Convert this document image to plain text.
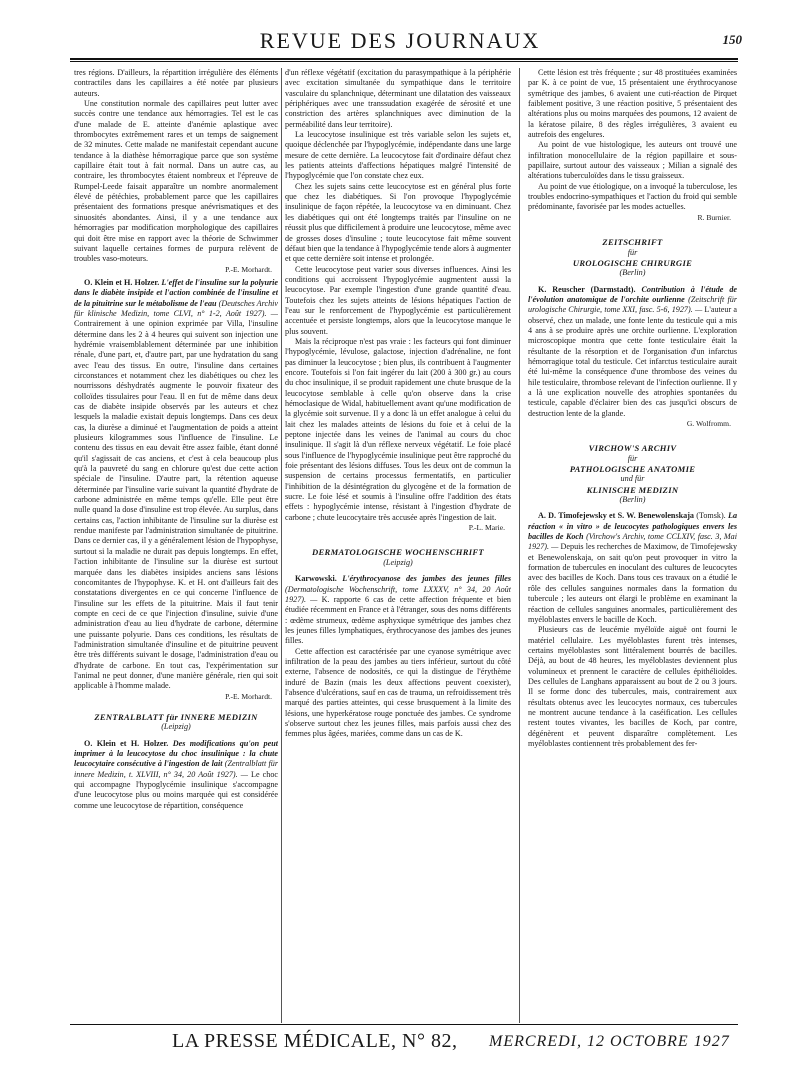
REVUE DES JOURNAUX	150

tres régions. D'ailleurs, la répartition irrégulière des éléments contractiles dans les capillaires a été notée par plusieurs auteurs.

Une constitution normale des capillaires peut lutter avec succès contre une tendance aux hémorragies. Tel est le cas d'une malade de E. atteinte d'anémie aplastique avec thrombocytes extrêmement rares et un temps de saignement de 32 minutes. Cette malade ne manifestait cependant aucune tendance à la diathèse hémorragique parce que son système capillaire était tout à fait normal. Dans un autre cas, au contraire, les thrombocytes étaient nombreux et l'épreuve de Rumpel-Leede faisait apparaître un nombre anormalement élevé de pétéchies, probablement parce que les capillaires présentaient des formations presque anévrismatiques et des sinuosités abondantes. Ainsi, il y a une tendance aux hémorragies par modification morphologique des capillaires qui doit être mise en rapport avec la théorie de Schwimmer suivant laquelle certaines formes de purpura relèvent de troubles vaso-moteurs.

P.-E. Morhardt.

O. Klein et H. Holzer. L'effet de l'insuline sur la polyurie dans le diabète insipide et l'action combinée de l'insuline et de la pituitrine sur le métabolisme de l'eau (Deutsches Archiv für klinische Medizin, tome CLVI, n° 1-2, Août 1927). — Contrairement à une opinion exprimée par Villa, l'insuline détermine dans les 2 à 4 heures qui suivent son injection une hydrémie vraisemblablement déterminée par une inhibition rénale, d'une part, et, d'autre part, par une hydratation du sang avec l'eau des tissus. En outre, l'insuline dans certaines circonstances et notamment chez les diabétiques ou chez les nourrissons déshydratés augmente le pouvoir fixateur des colloïdes tissulaires pour l'eau. Il en fut de même dans deux cas de diabète insipide observés par les auteurs et chez lesquels la maladie existait depuis longtemps. Dans ces deux cas, la diurèse a diminué et l'augmentation de poids a atteint plusieurs kilogrammes sous l'influence de l'insuline. Le contenu des tissus en eau devait être assez faible, étant donné qu'il s'agissait de cas anciens, et c'est à cela beaucoup plus qu'à la pauvreté du sang en chlorure qu'est due cette action spéciale de l'insuline. D'autre part, la rétention aqueuse déterminée par l'insuline varie suivant la quantité d'hydrate de carbone administrée en même temps qu'elle. Elle peut être nulle quand la dose d'insuline est trop élevée. Au surplus, dans certains cas, l'action inhibitante de l'insuline sur la diurèse est rendue manifeste par l'administration simultanée de pituitrine. Dans ce dernier cas, il y a généralement lésion de l'hypophyse, surtout si la maladie ne durait pas depuis longtemps. En effet, l'action inhibitante de l'insuline sur la diurèse est surtout marquée dans les diabètes insipides anciens sans lésions concomitantes de l'hypophyse. K. et H. ont d'ailleurs fait des constatations divergentes en ce qui concerne l'influence de l'insuline sur les effets de la pituitrine. Mais il faut tenir compte en ceci de ce que l'injection d'insuline, suivie d'une administration d'eau au lieu d'hydrate de carbone, détermine une puissante polyurie. Dans ces conditions, les résultats de l'administration simultanée d'insuline et de pituitrine peuvent être très différents suivant le dosage, l'administration d'eau ou d'hydrate de carbone. En tout cas, l'expérimentation sur l'animal ne peut donner, d'une manière générale, rien qui soit applicable à l'homme malade.

P.-E. Morhardt.
ZENTRALBLATT für INNERE MEDIZIN
(Leipzig)

O. Klein et H. Holzer. Des modifications qu'on peut imprimer à la leucocytose du choc insulinique : la chute leucocytaire consécutive à l'ingestion de lait (Zentralblatt für innere Medizin, t. XLVIII, n° 34, 20 Août 1927). — Le choc qui accompagne l'hypoglycémie insulinique s'accompagne d'une leucocytose plus ou moins marquée qui est considérée comme une leucocytose de répartition, conséquence

d'un réflexe végétatif (excitation du parasympathique à la périphérie avec excitation simultanée du sympathique dans le territoire vasculaire du splanchnique, déterminant une dilatation des vaisseaux périphériques avec une transsudation exagérée de sérosité et une constriction des artères splanchniques avec diminution de la perméabilité dans leur territoire).

La leucocytose insulinique est très variable selon les sujets et, quoique déclenchée par l'hypoglycémie, indépendante dans une large mesure de cette dernière. La leucocytose fait d'ordinaire défaut chez les patients atteints d'affections hépatiques malgré l'intensité de l'hypoglycémie que l'on constate chez eux.

Chez les sujets sains cette leucocytose est en général plus forte que chez les diabétiques. Si l'on provoque l'hypoglycémie insulinique de façon répétée, la leucocytose va en diminuant. Chez les diabétiques qui ont été longtemps traités par l'insuline on ne réussit plus que difficilement à produire une leucocytose, même avec de grosses doses d'insuline ; toute leucocytose fait même souvent défaut bien que la tendance à l'hypoglycémie tende alors à augmenter et que cette dernière soit intense et prolongée.

Cette leucocytose peut varier sous diverses influences. Ainsi les conditions qui accroissent l'hypoglycémie augmentent aussi la leucocytose. Par exemple l'ingestion d'une grande quantité d'eau. Toutefois chez les sujets atteints de lésions hépatiques l'action de l'eau sur le renforcement de l'hypoglycémie est particulièrement accentuée et persiste longtemps, alors que la leucocytose manque le plus souvent.

Mais la réciproque n'est pas vraie : les facteurs qui font diminuer l'hypoglycémie, lévulose, galactose, injection d'adrénaline, ne font pas diminuer la leucocytose ; bien plus, ils contribuent à l'augmenter encore. Toutefois si l'on fait ingérer du lait (200 à 300 gr.) au cours du choc insulinique, il se produit rapidement une chute brusque de la leucocytose semblable à celle qu'on observe dans la crise hémoclasique de Widal, habituellement avant qu'une modification de la glycémie soit survenue. Il y a donc là un effet analogue à celui du lait chez les malades atteints de lésions du foie et à celui de la peptone injectée dans les veines de l'animal au cours du choc insulinique. Il s'agit là d'un réflexe nerveux végétatif. Le foie placé sous l'influence de l'hypoglycémie insulinique peut être rapproché du foie présentant des lésions diffuses. Tous les deux ont de commun la suspension de certains processus fermentatifs, en particulier l'inhibition de la désintégration du glycogène et de la formation de sucre. Le foie lésé et soumis à l'insuline offre l'addition des états effets : hypoglycémie intense, résistant à l'ingestion d'hydrate de carbone ; chute leucocytaire très accusée après l'ingestion de lait.

P.-L. Marie.
DERMATOLOGISCHE WOCHENSCHRIFT
(Leipzig)

Karwowski. L'érythrocyanose des jambes des jeunes filles (Dermatologische Wochenschrift, tome LXXXV, n° 34, 20 Août 1927). — K. rapporte 6 cas de cette affection fréquente et bien étudiée récemment en France et à l'étranger, sous des noms différents : œdème strumeux, œdème asphyxique symétrique des jambes chez les jeunes filles lymphatiques, érythrocyanose des jambes des jeunes filles.

Cette affection est caractérisée par une cyanose symétrique avec infiltration de la peau des jambes au tiers inférieur, surtout du côté externe, l'absence de nodosités, ce qui la distingue de l'érythème induré de Bazin (mais les deux affections peuvent coexister), l'absence d'ulcérations, sauf en cas de trauma, un refroidissement très marqué des parties atteintes, qui cesse brusquement à la limite des lésions, une hyperkératose rouge ponctuée des jambes. Ce syndrome s'observe surtout chez les jeunes filles, mais parfois aussi chez des femmes plus âgées, mariées, comme dans un cas de K.

Cette lésion est très fréquente ; sur 48 prostituées examinées par K. à ce point de vue, 15 présentaient une érythrocyanose symétrique des jambes, 6 avaient une cuti-réaction de Pirquet faiblement positive, 3 une réaction positive, 5 présentaient des altérations plus ou moins marquées des poumons, 12 avaient de la kératose pilaire, 8 des règles irrégulières, 3 avaient eu autrefois des engelures.

Au point de vue histologique, les auteurs ont trouvé une infiltration monocellulaire de la région papillaire et sous-papillaire, surtout autour des vaisseaux ; Milian a signalé des altérations tuberculoïdes dans le tissu graisseux.

Au point de vue étiologique, on a invoqué la tuberculose, les troubles endocrino-sympathiques et l'action du froid qui semble prédominante, favorisée par les modes actuelles.

R. Burnier.
ZEITSCHRIFT
für
UROLOGISCHE CHIRURGIE
(Berlin)

K. Reuscher (Darmstadt). Contribution à l'étude de l'évolution anatomique de l'orchite ourlienne (Zeitschrift für urologische Chirurgie, tome XXI, fasc. 5-6, 1927). — L'auteur a observé, chez un malade, une fonte lente du testicule qui a mis 4 ans à se produire après une orchite ourlienne. L'exploration microscopique montra que cette fonte testiculaire était la résultante de la résorption et de l'organisation d'un infarctus hémorragique total du testicule. Cet infarctus testiculaire aurait été lui-même la conséquence d'une thrombose des veines du hile testiculaire, thrombose relevant de l'infection ourlienne. Il y a là une explication nouvelle des atrophies spontanées du testicule, capable d'éclairer bien des cas jusqu'ici obscurs de destruction lente de la glande.

G. Wolfromm.
VIRCHOW'S ARCHIV
für
PATHOLOGISCHE ANATOMIE
und für
KLINISCHE MEDIZIN
(Berlin)

A. D. Timofejewsky et S. W. Benewolenskaja (Tomsk). La réaction « in vitro » de leucocytes pathologiques envers les bacilles de Koch (Virchow's Archiv, tome CCLXIV, fasc. 3, Mai 1927). — Depuis les recherches de Maximow, de Timofejewsky et Benewolenskaja, on sait qu'on peut provoquer in vitro la formation de tubercules en inoculant des cultures de leucocytes avec des bacilles de Koch. Dans tous ces travaux on a étudié le rôle des cellules sanguines normales dans la formation du tubercule ; les auteurs ont élargi le problème en examinant la réaction de cellules sanguines anormales, particulièrement des myéloblastes envers le bacille de Koch.

Plusieurs cas de leucémie myéloïde aiguë ont fourni le matériel cellulaire. Les myéloblastes furent très intenses, certains myéloblastes sont littéralement bourrés de bacilles. Déjà, au bout de 48 heures, les myéloblastes deviennent plus volumineux et prennent le caractère de cellules épithélioïdes. Des cellules de Langhans apparaissent au bout de 2 ou 3 jours. Il se forme donc des tubercules, mais, contrairement aux résultats obtenus avec les leucocytes normaux, ces tubercules ne montrent aucune tendance à la caséification. Les cellules restent toutes vivantes, les bacilles de Koch, par contre, dégénèrent et peuvent disparaître complètement. Les myéloblastes contiennent très probablement des fer-

LA PRESSE MÉDICALE, N° 82, MERCREDI, 12 OCTOBRE 1927
